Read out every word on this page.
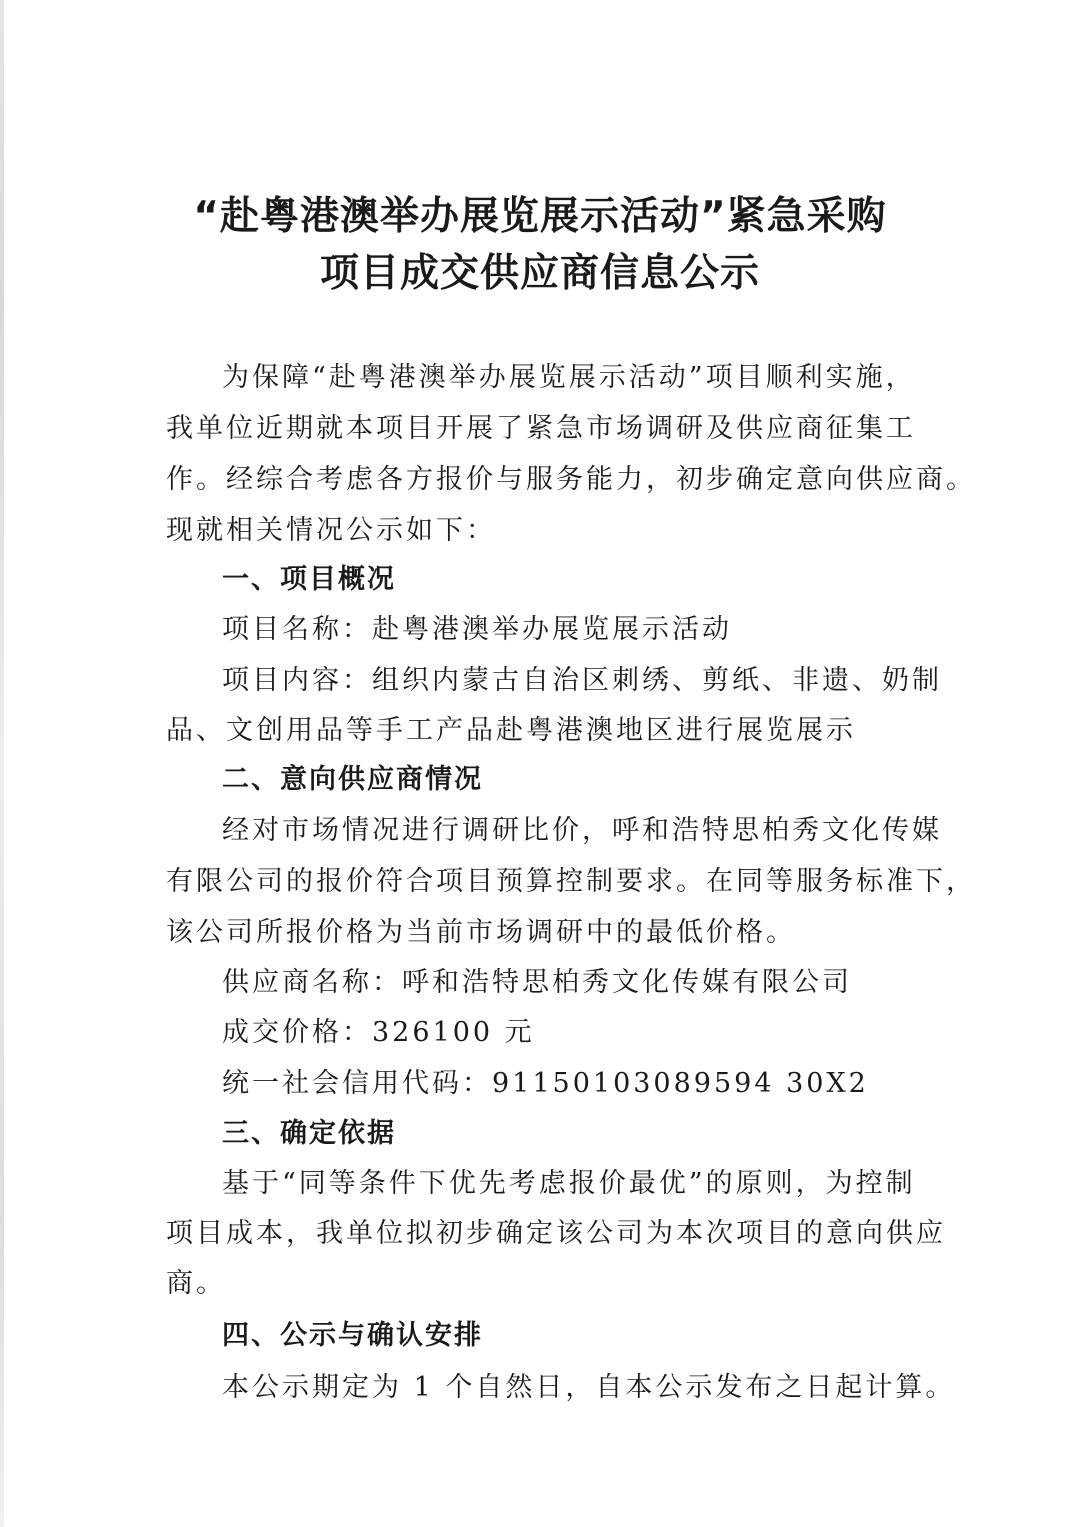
“赴粤港澳举办展览展示活动”紧急采购
项目成交供应商信息公示
为保障“赴粤港澳举办展览展示活动”项目顺利实施，
我单位近期就本项目开展了紧急市场调研及供应商征集工
作。经综合考虑各方报价与服务能力，初步确定意向供应商。
现就相关情况公示如下：
一、项目概况
项目名称：赴粤港澳举办展览展示活动
项目内容：组织内蒙古自治区刺绣、剪纸、非遗、奶制
品、文创用品等手工产品赴粤港澳地区进行展览展示
二、意向供应商情况
经对市场情况进行调研比价，呼和浩特思柏秀文化传媒
有限公司的报价符合项目预算控制要求。在同等服务标准下，
该公司所报价格为当前市场调研中的最低价格。
供应商名称：呼和浩特思柏秀文化传媒有限公司
成交价格：326100 元
统一社会信用代码：91150103089594 30X2
三、确定依据
基于“同等条件下优先考虑报价最优”的原则，为控制
项目成本，我单位拟初步确定该公司为本次项目的意向供应
商。
四、公示与确认安排
本公示期定为 1 个自然日，自本公示发布之日起计算。
